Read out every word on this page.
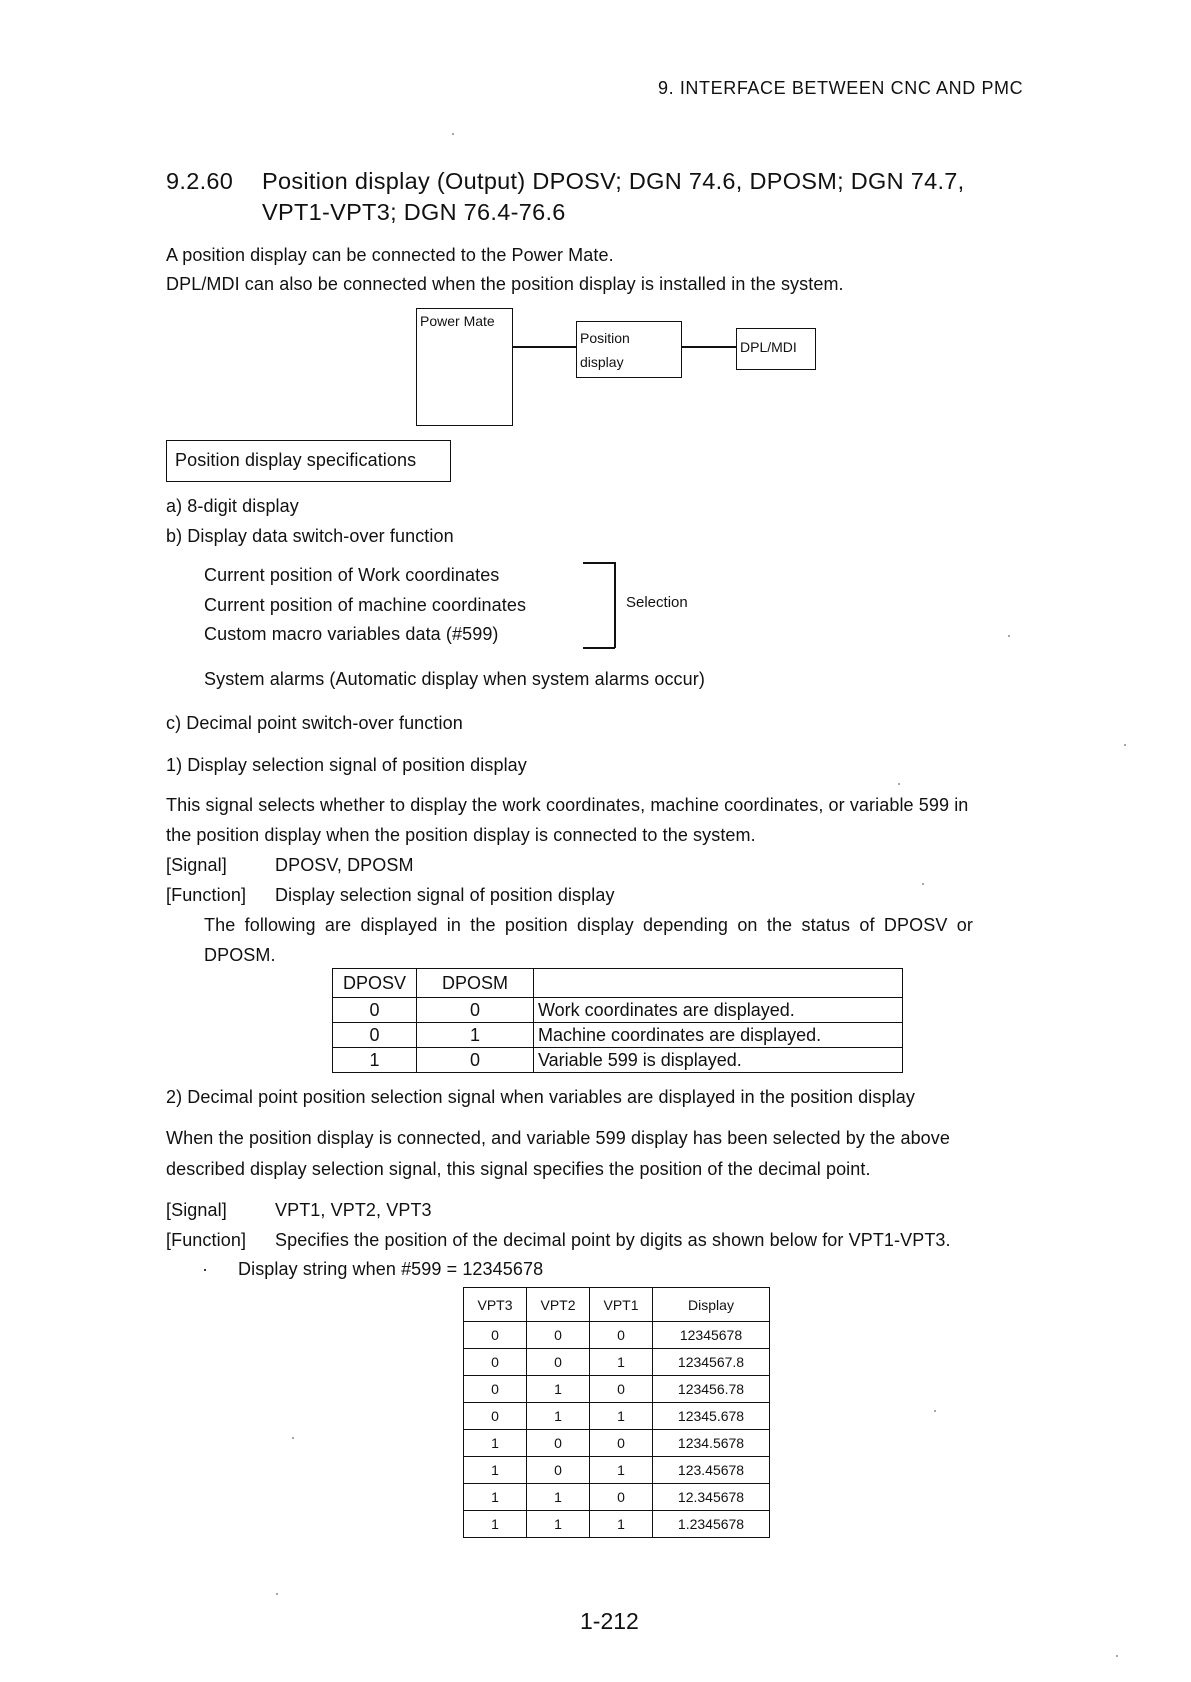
9. INTERFACE BETWEEN CNC AND PMC
9.2.60 Position display (Output) DPOSV; DGN 74.6, DPOSM; DGN 74.7,
VPT1-VPT3; DGN 76.4-76.6
A position display can be connected to the Power Mate.
DPL/MDI can also be connected when the position display is installed in the system.
Power Mate
Position
display
DPL/MDI
Position display specifications
a) 8-digit display
b) Display data switch-over function
Current position of Work coordinates
Current position of machine coordinates
Custom macro variables data (#599)
Selection
System alarms (Automatic display when system alarms occur)
c) Decimal point switch-over function
1) Display selection signal of position display
This signal selects whether to display the work coordinates, machine coordinates, or variable 599 in
the position display when the position display is connected to the system.
[Signal]	DPOSV, DPOSM
[Function] Display selection signal of position display
The following are displayed in the position display depending on the status of DPOSV or
DPOSM.
DPOSV	DPOSM	
0	0	Work coordinates are displayed.
0	1	Machine coordinates are displayed.
1	0	Variable 599 is displayed.
2) Decimal point position selection signal when variables are displayed in the position display
When the position display is connected, and variable 599 display has been selected by the above
described display selection signal, this signal specifies the position of the decimal point.
[Signal]	VPT1, VPT2, VPT3
[Function] Specifies the position of the decimal point by digits as shown below for VPT1-VPT3.
· Display string when #599 = 12345678
VPT3	VPT2	VPT1	Display
0	0	0	12345678
0	0	1	1234567.8
0	1	0	123456.78
0	1	1	12345.678
1	0	0	1234.5678
1	0	1	123.45678
1	1	0	12.345678
1	1	1	1.2345678
1-212
